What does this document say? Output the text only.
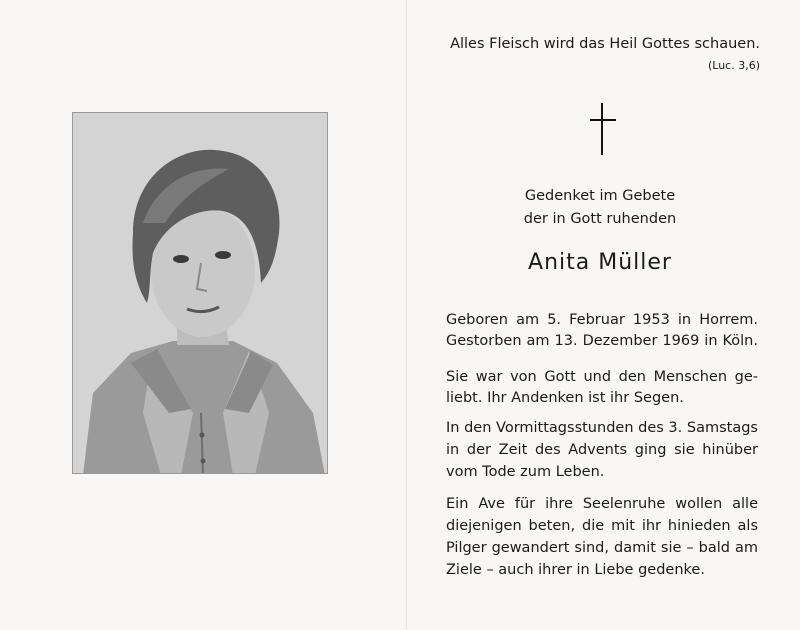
Alles Fleisch wird das Heil Gottes schauen.
(Luc. 3,6)
Gedenket im Gebete
der in Gott ruhenden
Anita Müller
Geboren am 5. Februar 1953 in Horrem.
Gestorben am 13. Dezember 1969 in Köln.
Sie war von Gott und den Menschen ge-
liebt. Ihr Andenken ist ihr Segen.
In den Vormittagsstunden des 3. Samstags
in der Zeit des Advents ging sie hinüber
vom Tode zum Leben.
Ein Ave für ihre Seelenruhe wollen alle
diejenigen beten, die mit ihr hinieden als
Pilger gewandert sind, damit sie – bald am
Ziele – auch ihrer in Liebe gedenke.
